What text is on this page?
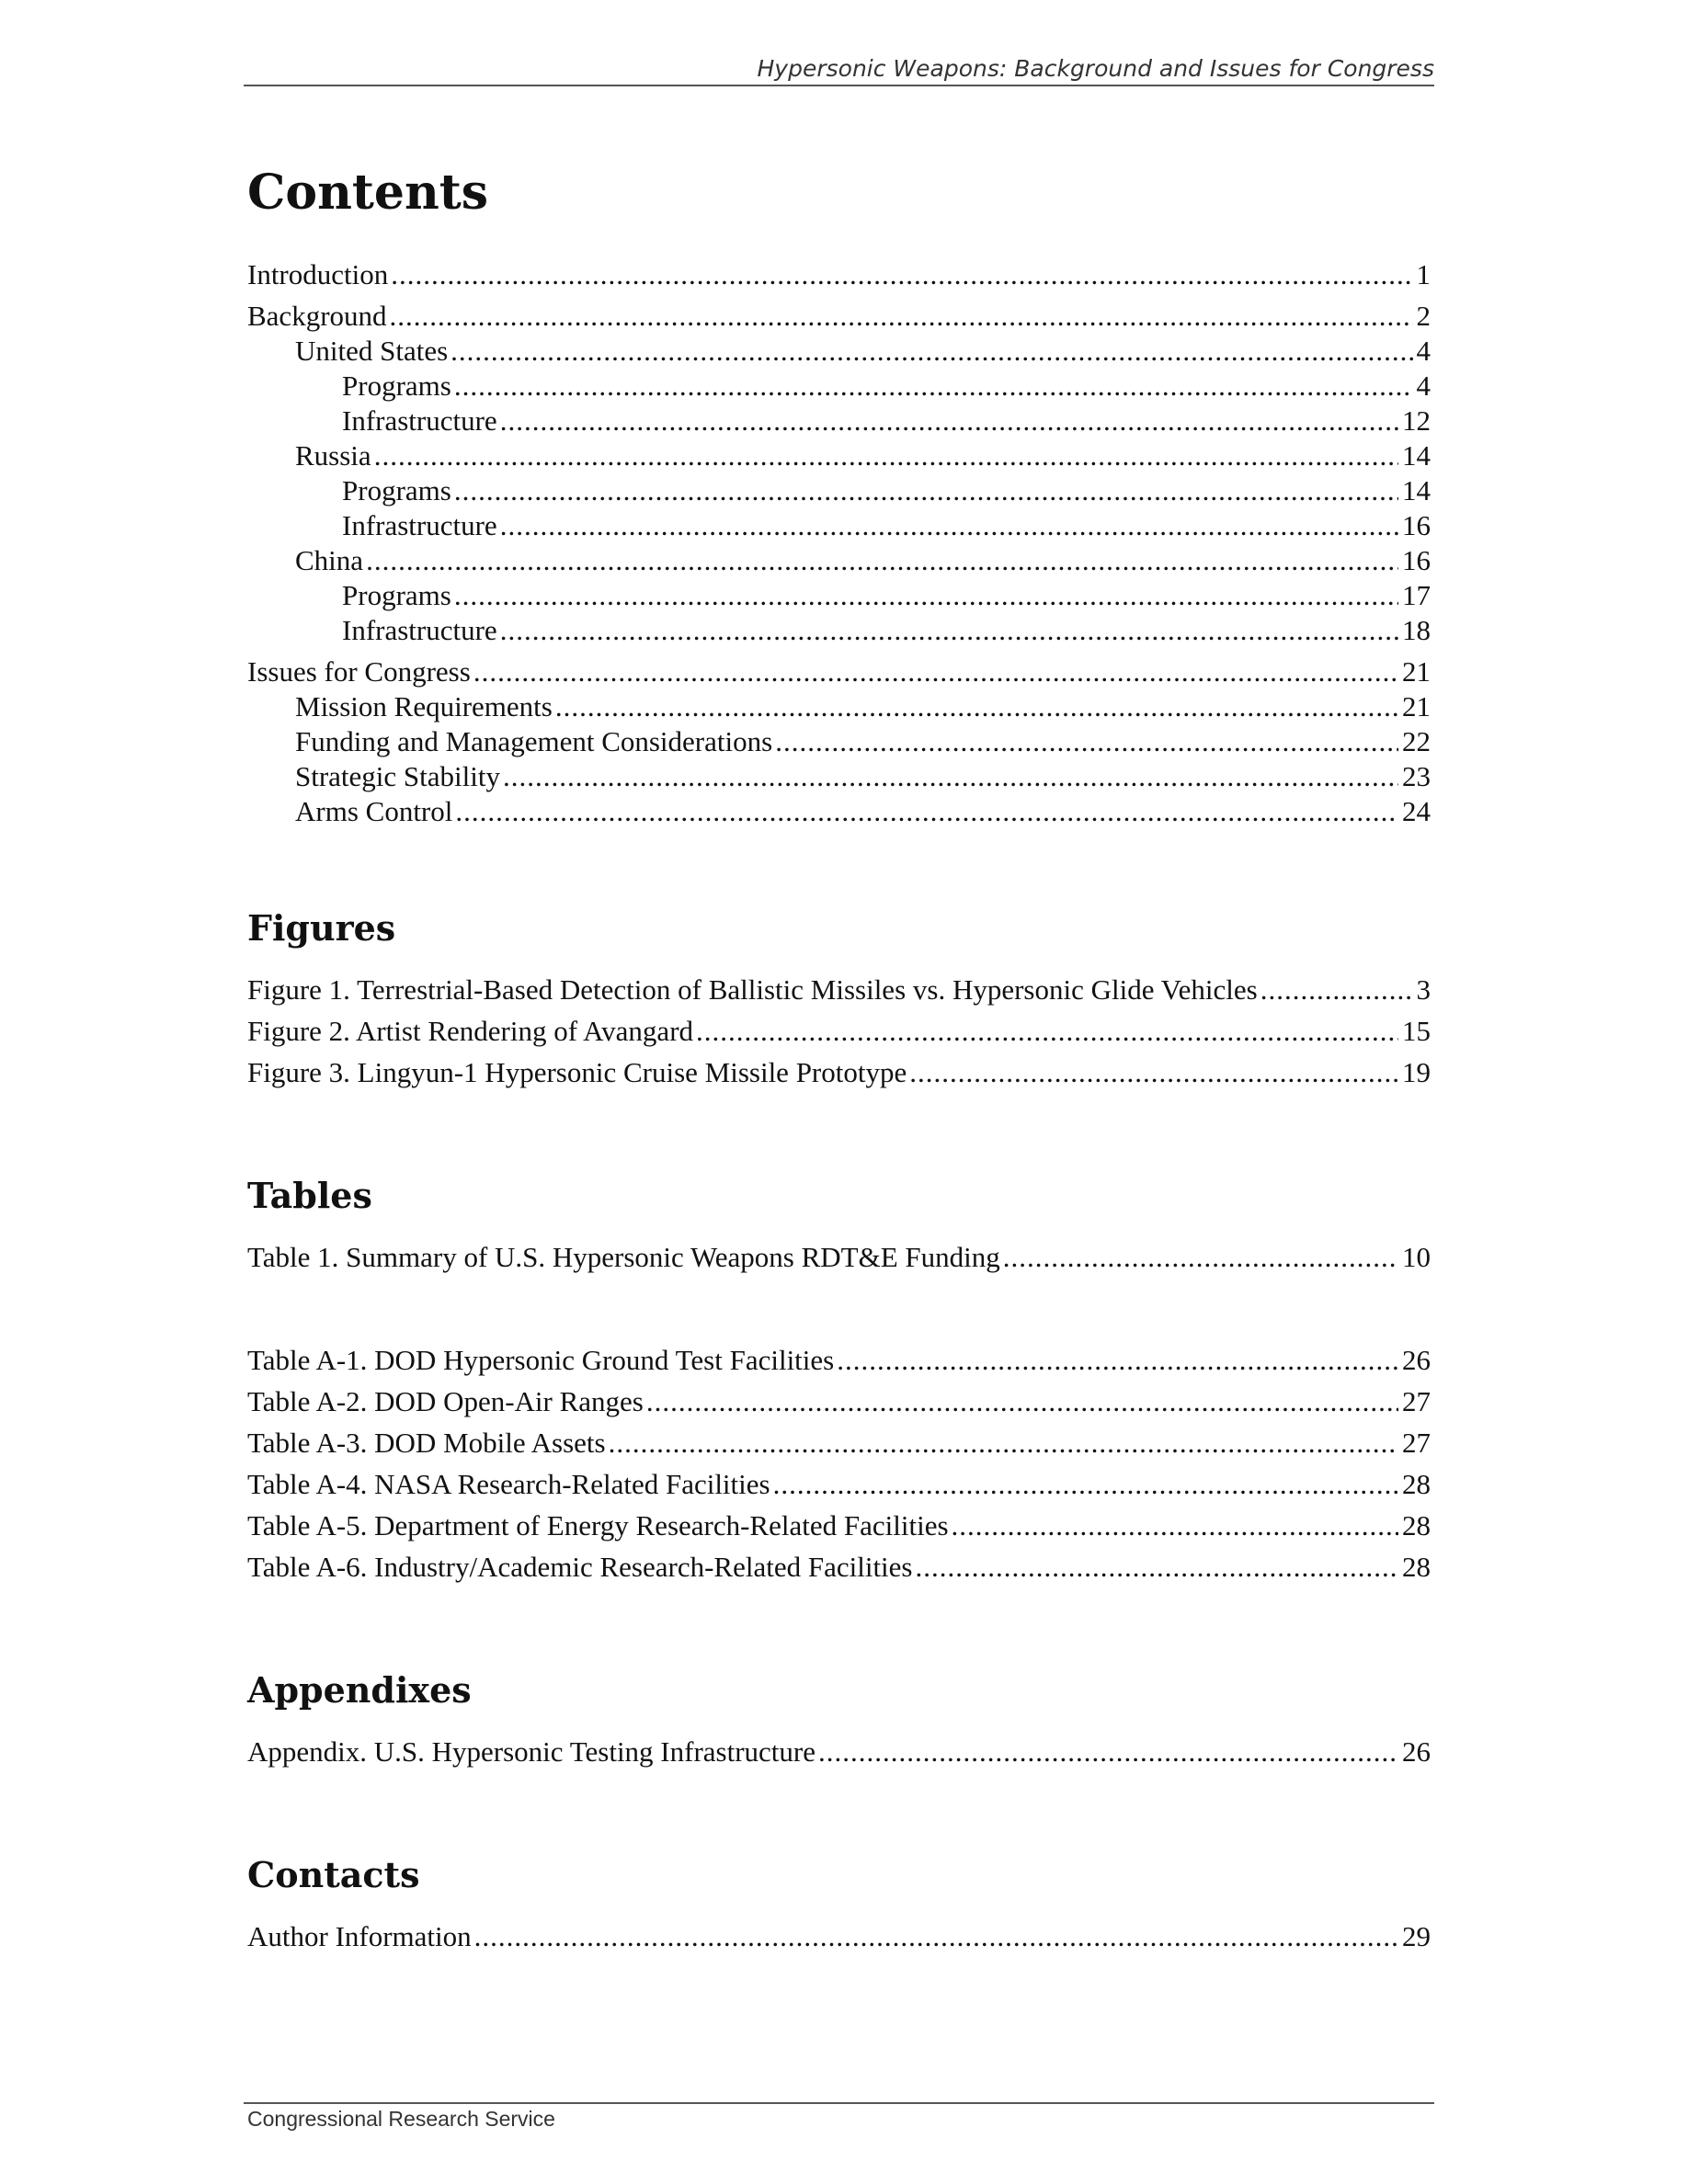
Hypersonic Weapons: Background and Issues for Congress
Contents
Introduction .....	1
Background .....	2
United States .....	4
Programs .....	4
Infrastructure .....	12
Russia .....	14
Programs .....	14
Infrastructure .....	16
China .....	16
Programs .....	17
Infrastructure .....	18
Issues for Congress .....	21
Mission Requirements .....	21
Funding and Management Considerations .....	22
Strategic Stability .....	23
Arms Control .....	24
Figures
Figure 1. Terrestrial-Based Detection of Ballistic Missiles vs. Hypersonic Glide Vehicles .....	3
Figure 2. Artist Rendering of Avangard .....	15
Figure 3. Lingyun-1 Hypersonic Cruise Missile Prototype .....	19
Tables
Table 1. Summary of U.S. Hypersonic Weapons RDT&E Funding .....	10
Table A-1. DOD Hypersonic Ground Test Facilities .....	26
Table A-2. DOD Open-Air Ranges .....	27
Table A-3. DOD Mobile Assets .....	27
Table A-4. NASA Research-Related Facilities .....	28
Table A-5. Department of Energy Research-Related Facilities .....	28
Table A-6. Industry/Academic Research-Related Facilities .....	28
Appendixes
Appendix. U.S. Hypersonic Testing Infrastructure .....	26
Contacts
Author Information .....	29
Congressional Research Service
